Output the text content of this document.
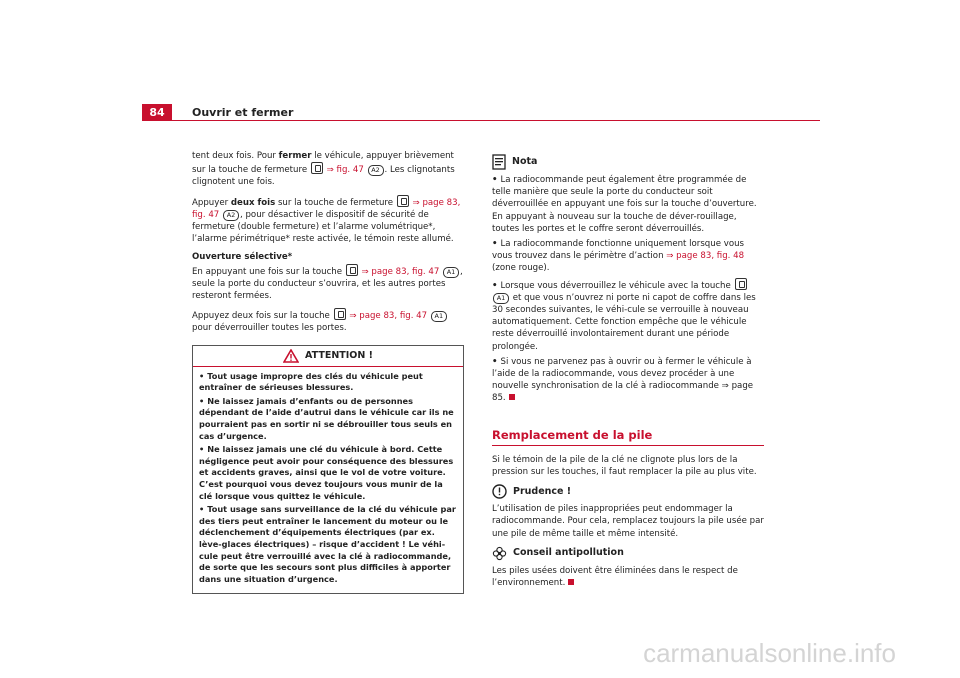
84	Ouvrir et fermer

tent deux fois. Pour fermer le véhicule, appuyer brièvement sur la touche de fermeture  ⇒ fig. 47 A2 . Les clignotants clignotent une fois.

Appuyer deux fois sur la touche de fermeture  ⇒ page 83, fig. 47 A2 , pour désactiver le dispositif de sécurité de fermeture (double fermeture) et l’alarme volumétrique*, l’alarme périmétrique* reste activée, le témoin reste allumé.

Ouverture sélective*

En appuyant une fois sur la touche  ⇒ page 83, fig. 47 A1 , seule la porte du conducteur s’ouvrira, et les autres portes resteront fermées.

Appuyez deux fois sur la touche  ⇒ page 83, fig. 47 A1 pour déverrouiller toutes les portes.

ATTENTION !

• Tout usage impropre des clés du véhicule peut entraîner de sérieuses blessures.

• Ne laissez jamais d’enfants ou de personnes dépendant de l’aide d’autrui dans le véhicule car ils ne pourraient pas en sortir ni se débrouiller tous seuls en cas d’urgence.

• Ne laissez jamais une clé du véhicule à bord. Cette négligence peut avoir pour conséquence des blessures et accidents graves, ainsi que le vol de votre voiture. C’est pourquoi vous devez toujours vous munir de la clé lorsque vous quittez le véhicule.

• Tout usage sans surveillance de la clé du véhicule par des tiers peut entraîner le lancement du moteur ou le déclenchement d’équipements électriques (par ex. lève-glaces électriques) – risque d’accident ! Le véhi-cule peut être verrouillé avec la clé à radiocommande, de sorte que les secours sont plus difficiles à apporter dans une situation d’urgence.

Nota

• La radiocommande peut également être programmée de telle manière que seule la porte du conducteur soit déverrouillée en appuyant une fois sur la touche d’ouverture. En appuyant à nouveau sur la touche de déver-rouillage, toutes les portes et le coffre seront déverrouillés.

• La radiocommande fonctionne uniquement lorsque vous vous trouvez dans le périmètre d’action ⇒ page 83, fig. 48 (zone rouge).

• Lorsque vous déverrouillez le véhicule avec la touche A1 et que vous n’ouvrez ni porte ni capot de coffre dans les 30 secondes suivantes, le véhi-cule se verrouille à nouveau automatiquement. Cette fonction empêche que le véhicule reste déverrouillé involontairement durant une période prolongée.

• Si vous ne parvenez pas à ouvrir ou à fermer le véhicule à l’aide de la radiocommande, vous devez procéder à une nouvelle synchronisation de la clé à radiocommande ⇒ page 85.

Remplacement de la pile

Si le témoin de la pile de la clé ne clignote plus lors de la pression sur les touches, il faut remplacer la pile au plus vite.

Prudence !

L’utilisation de piles inappropriées peut endommager la radiocommande. Pour cela, remplacez toujours la pile usée par une pile de même taille et même intensité.

Conseil antipollution

Les piles usées doivent être éliminées dans le respect de l’environnement.

carmanualsonline.info
